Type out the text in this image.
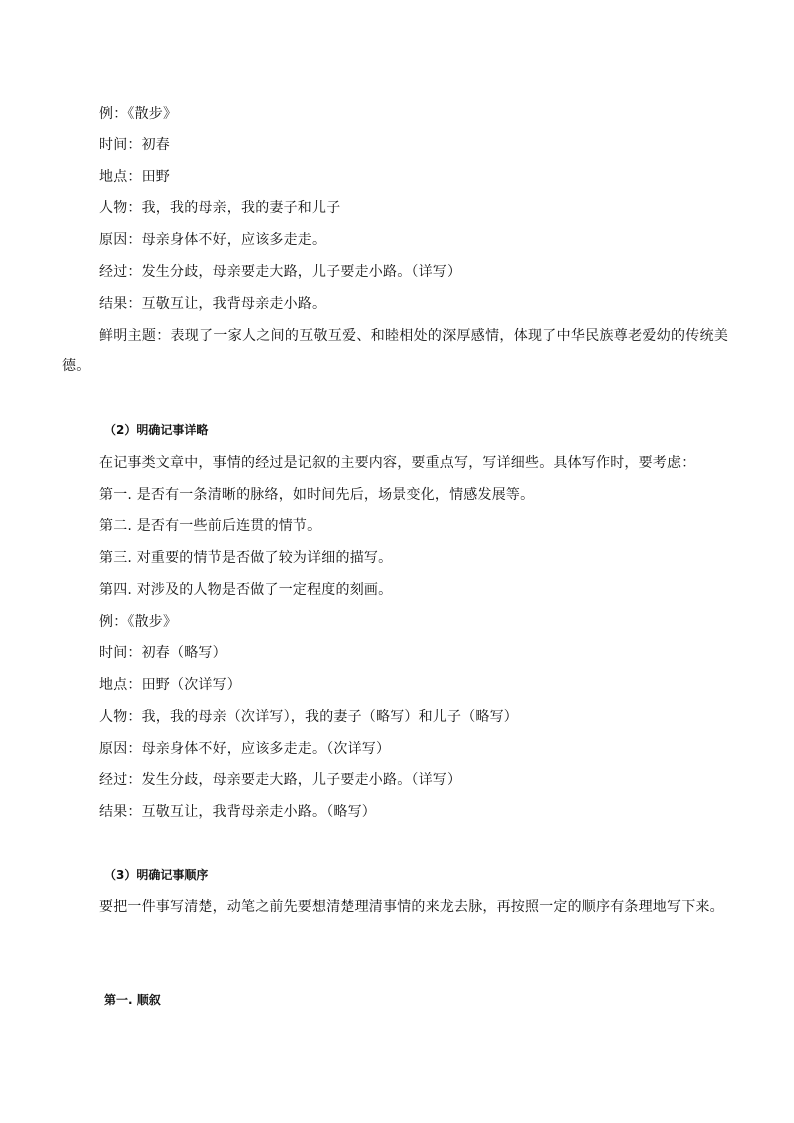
例：《散步》
时间：初春
地点：田野
人物：我，我的母亲，我的妻子和儿子
原因：母亲身体不好，应该多走走。
经过：发生分歧，母亲要走大路，儿子要走小路。（详写）
结果：互敬互让，我背母亲走小路。
鲜明主题：表现了一家人之间的互敬互爱、和睦相处的深厚感情，体现了中华民族尊老爱幼的传统美德。
（2）明确记事详略
在记事类文章中，事情的经过是记叙的主要内容，要重点写，写详细些。具体写作时，要考虑：
第一. 是否有一条清晰的脉络，如时间先后，场景变化，情感发展等。
第二. 是否有一些前后连贯的情节。
第三. 对重要的情节是否做了较为详细的描写。
第四. 对涉及的人物是否做了一定程度的刻画。
例：《散步》
时间：初春（略写）
地点：田野（次详写）
人物：我，我的母亲（次详写），我的妻子（略写）和儿子（略写）
原因：母亲身体不好，应该多走走。（次详写）
经过：发生分歧，母亲要走大路，儿子要走小路。（详写）
结果：互敬互让，我背母亲走小路。（略写）
（3）明确记事顺序
要把一件事写清楚，动笔之前先要想清楚理清事情的来龙去脉，再按照一定的顺序有条理地写下来。
第一. 顺叙
